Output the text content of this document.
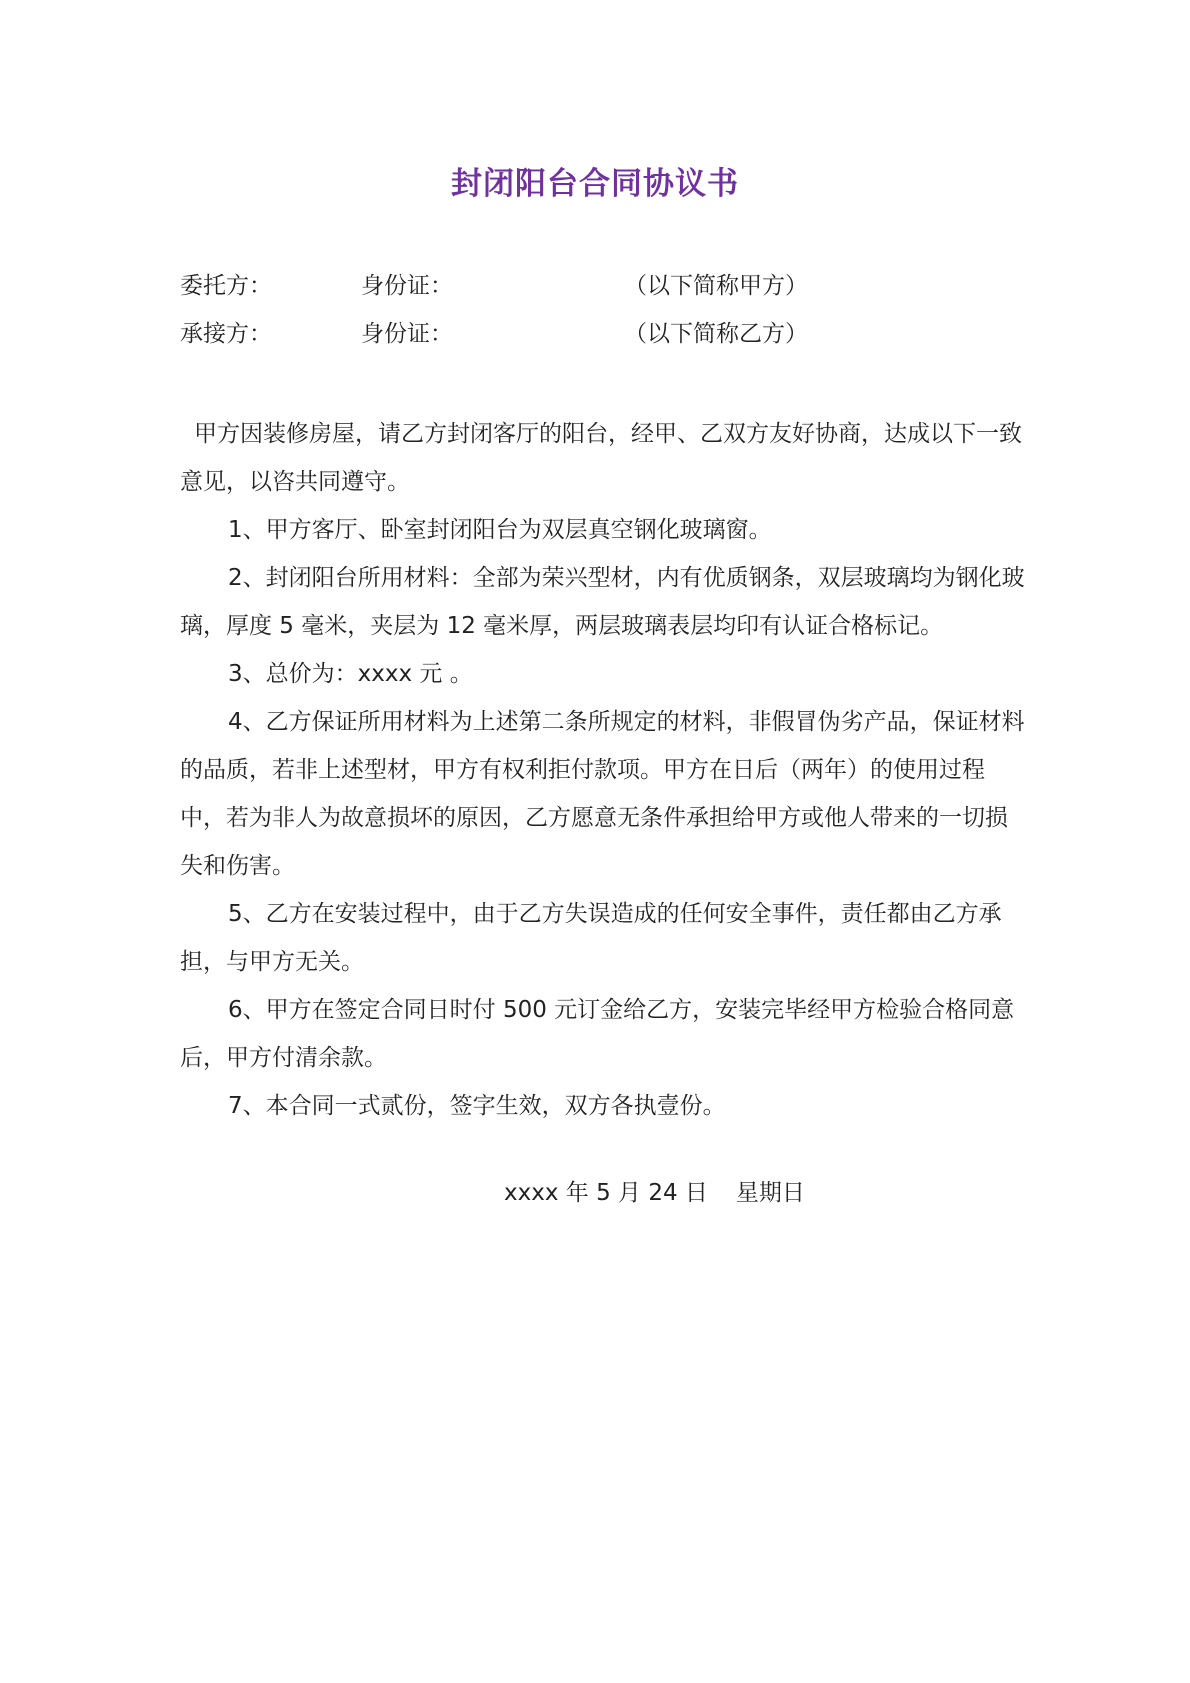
封闭阳台合同协议书
委托方：	身份证：	（以下简称甲方）
承接方：	身份证：	（以下简称乙方）

甲方因装修房屋，请乙方封闭客厅的阳台，经甲、乙双方友好协商，达成以下一致意见，以咨共同遵守。

1、甲方客厅、卧室封闭阳台为双层真空钢化玻璃窗。

2、封闭阳台所用材料：全部为荣兴型材，内有优质钢条，双层玻璃均为钢化玻璃，厚度 5 毫米，夹层为 12 毫米厚，两层玻璃表层均印有认证合格标记。

3、总价为：xxxx 元 。

4、乙方保证所用材料为上述第二条所规定的材料，非假冒伪劣产品，保证材料的品质，若非上述型材，甲方有权利拒付款项。甲方在日后（两年）的使用过程中，若为非人为故意损坏的原因，乙方愿意无条件承担给甲方或他人带来的一切损失和伤害。

5、乙方在安装过程中，由于乙方失误造成的任何安全事件，责任都由乙方承担，与甲方无关。

6、甲方在签定合同日时付 500 元订金给乙方，安装完毕经甲方检验合格同意后，甲方付清余款。

7、本合同一式贰份，签字生效，双方各执壹份。

xxxx 年 5 月 24 日 星期日
